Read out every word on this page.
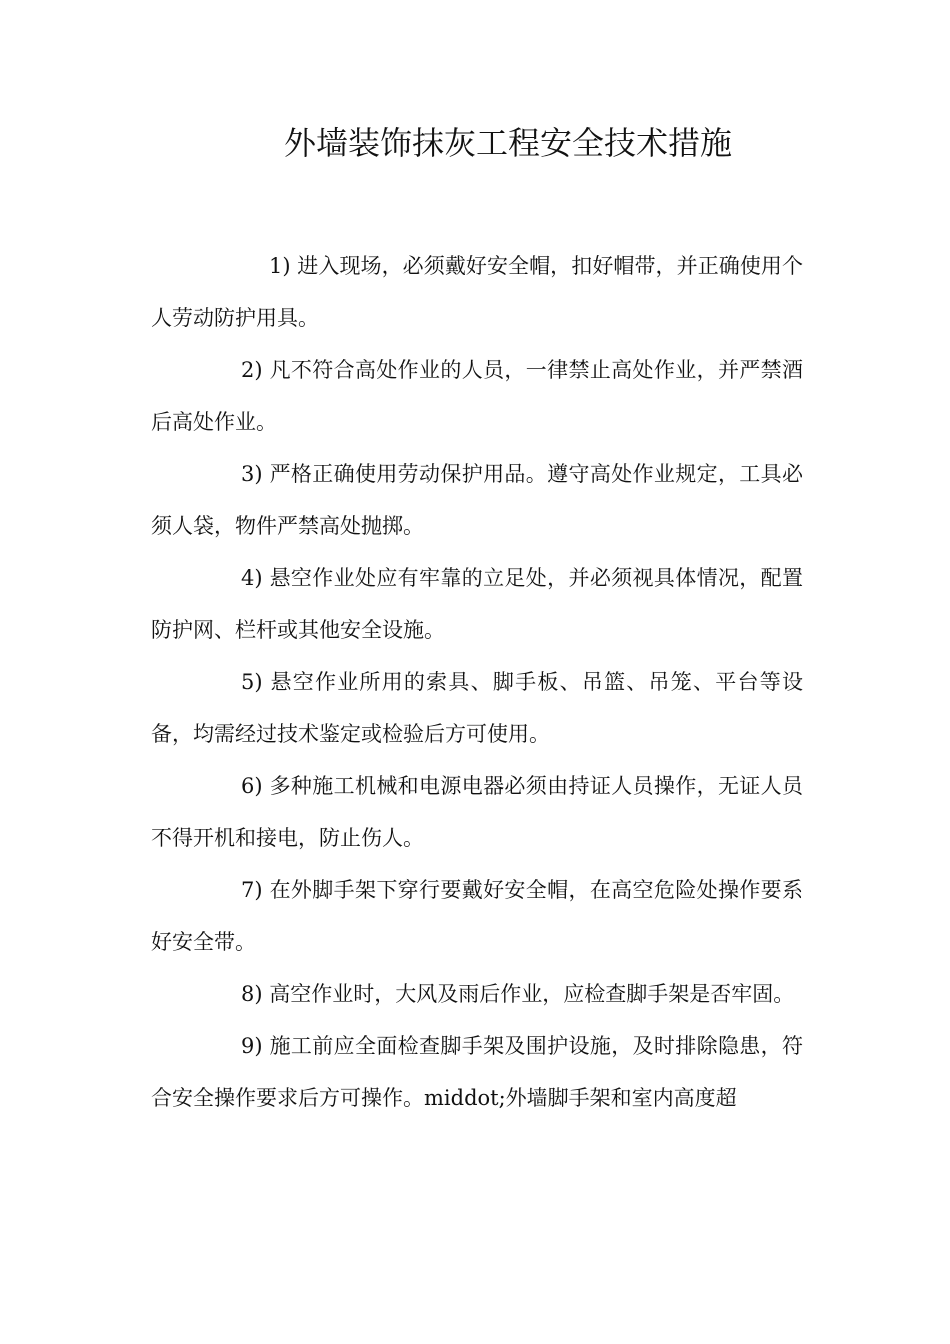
外墙装饰抹灰工程安全技术措施

1) 进入现场，必须戴好安全帽，扣好帽带，并正确使用个人劳动防护用具。

2) 凡不符合高处作业的人员，一律禁止高处作业，并严禁酒后高处作业。

3) 严格正确使用劳动保护用品。遵守高处作业规定，工具必须人袋，物件严禁高处抛掷。

4) 悬空作业处应有牢靠的立足处，并必须视具体情况，配置防护网、栏杆或其他安全设施。

5) 悬空作业所用的索具、脚手板、吊篮、吊笼、平台等设备，均需经过技术鉴定或检验后方可使用。

6) 多种施工机械和电源电器必须由持证人员操作，无证人员不得开机和接电，防止伤人。

7) 在外脚手架下穿行要戴好安全帽，在高空危险处操作要系好安全带。

8) 高空作业时，大风及雨后作业，应检查脚手架是否牢固。

9) 施工前应全面检查脚手架及围护设施，及时排除隐患，符合安全操作要求后方可操作。middot;外墙脚手架和室内高度超
